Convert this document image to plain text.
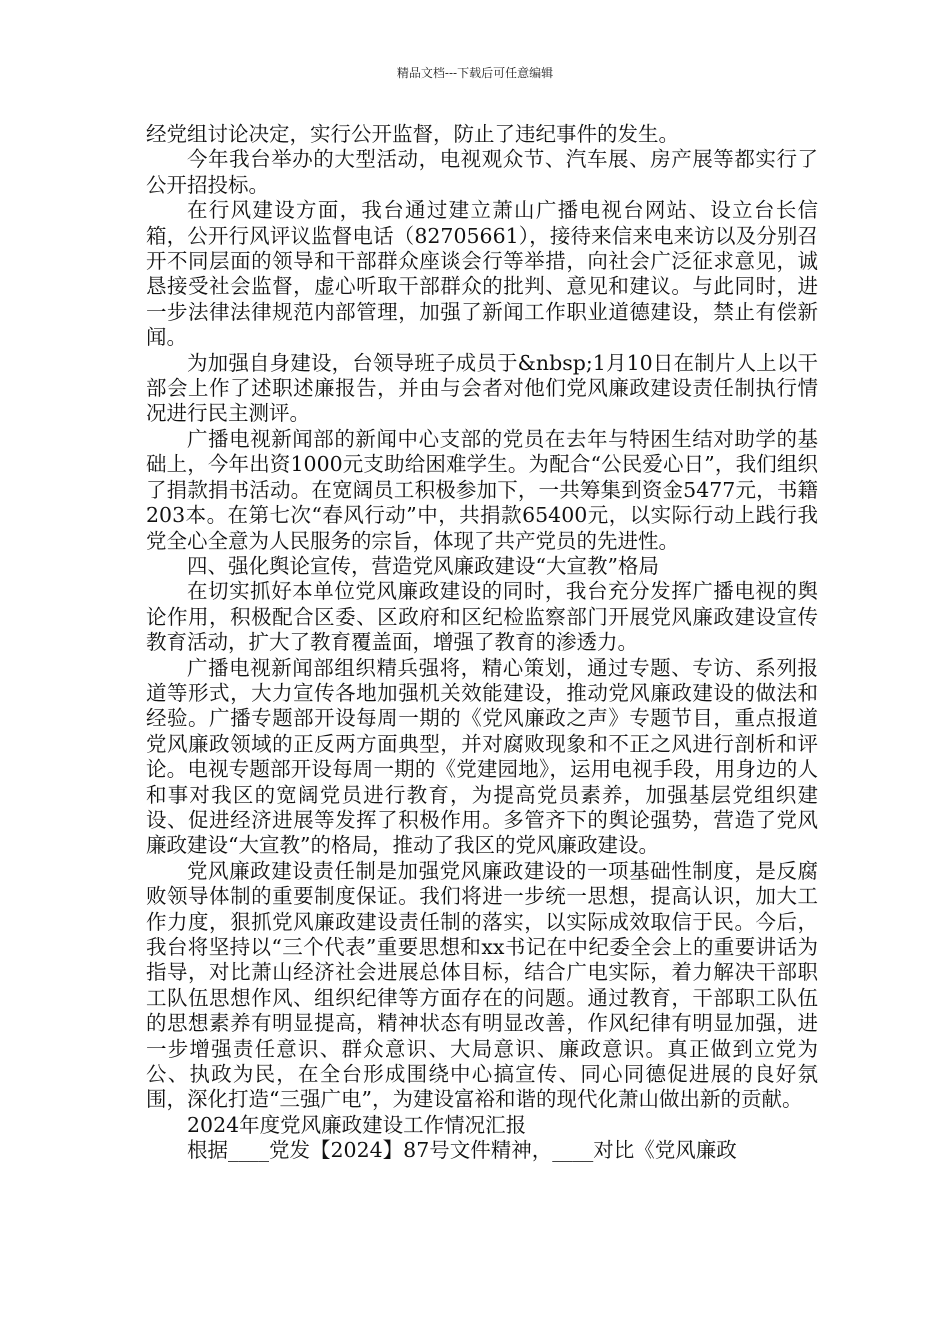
精品文档---下载后可任意编辑

经党组讨论决定，实行公开监督，防止了违纪事件的发生。

今年我台举办的大型活动，电视观众节、汽车展、房产展等都实行了公开招投标。

在行风建设方面，我台通过建立萧山广播电视台网站、设立台长信箱，公开行风评议监督电话（82705661），接待来信来电来访以及分别召开不同层面的领导和干部群众座谈会行等举措，向社会广泛征求意见，诚恳接受社会监督，虚心听取干部群众的批判、意见和建议。与此同时，进一步法律法律规范内部管理，加强了新闻工作职业道德建设，禁止有偿新闻。

为加强自身建设，台领导班子成员于&nbsp;1月10日在制片人上以干部会上作了述职述廉报告，并由与会者对他们党风廉政建设责任制执行情况进行民主测评。

广播电视新闻部的新闻中心支部的党员在去年与特困生结对助学的基础上，今年出资1000元支助给困难学生。为配合“公民爱心日”，我们组织了捐款捐书活动。在宽阔员工积极参加下，一共筹集到资金5477元，书籍203本。在第七次“春风行动”中，共捐款65400元，以实际行动上践行我党全心全意为人民服务的宗旨，体现了共产党员的先进性。

四、强化舆论宣传，营造党风廉政建设“大宣教”格局

在切实抓好本单位党风廉政建设的同时，我台充分发挥广播电视的舆论作用，积极配合区委、区政府和区纪检监察部门开展党风廉政建设宣传教育活动，扩大了教育覆盖面，增强了教育的渗透力。

广播电视新闻部组织精兵强将，精心策划，通过专题、专访、系列报道等形式，大力宣传各地加强机关效能建设，推动党风廉政建设的做法和经验。广播专题部开设每周一期的《党风廉政之声》专题节目，重点报道党风廉政领域的正反两方面典型，并对腐败现象和不正之风进行剖析和评论。电视专题部开设每周一期的《党建园地》，运用电视手段，用身边的人和事对我区的宽阔党员进行教育，为提高党员素养，加强基层党组织建设、促进经济进展等发挥了积极作用。多管齐下的舆论强势，营造了党风廉政建设“大宣教”的格局，推动了我区的党风廉政建设。

党风廉政建设责任制是加强党风廉政建设的一项基础性制度，是反腐败领导体制的重要制度保证。我们将进一步统一思想，提高认识，加大工作力度，狠抓党风廉政建设责任制的落实，以实际成效取信于民。今后，我台将坚持以“三个代表”重要思想和xx书记在中纪委全会上的重要讲话为指导，对比萧山经济社会进展总体目标，结合广电实际，着力解决干部职工队伍思想作风、组织纪律等方面存在的问题。通过教育，干部职工队伍的思想素养有明显提高，精神状态有明显改善，作风纪律有明显加强，进一步增强责任意识、群众意识、大局意识、廉政意识。真正做到立党为公、执政为民，在全台形成围绕中心搞宣传、同心同德促进展的良好氛围，深化打造“三强广电”，为建设富裕和谐的现代化萧山做出新的贡献。

2024年度党风廉政建设工作情况汇报

根据____党发【2024】87号文件精神，____对比《党风廉政
